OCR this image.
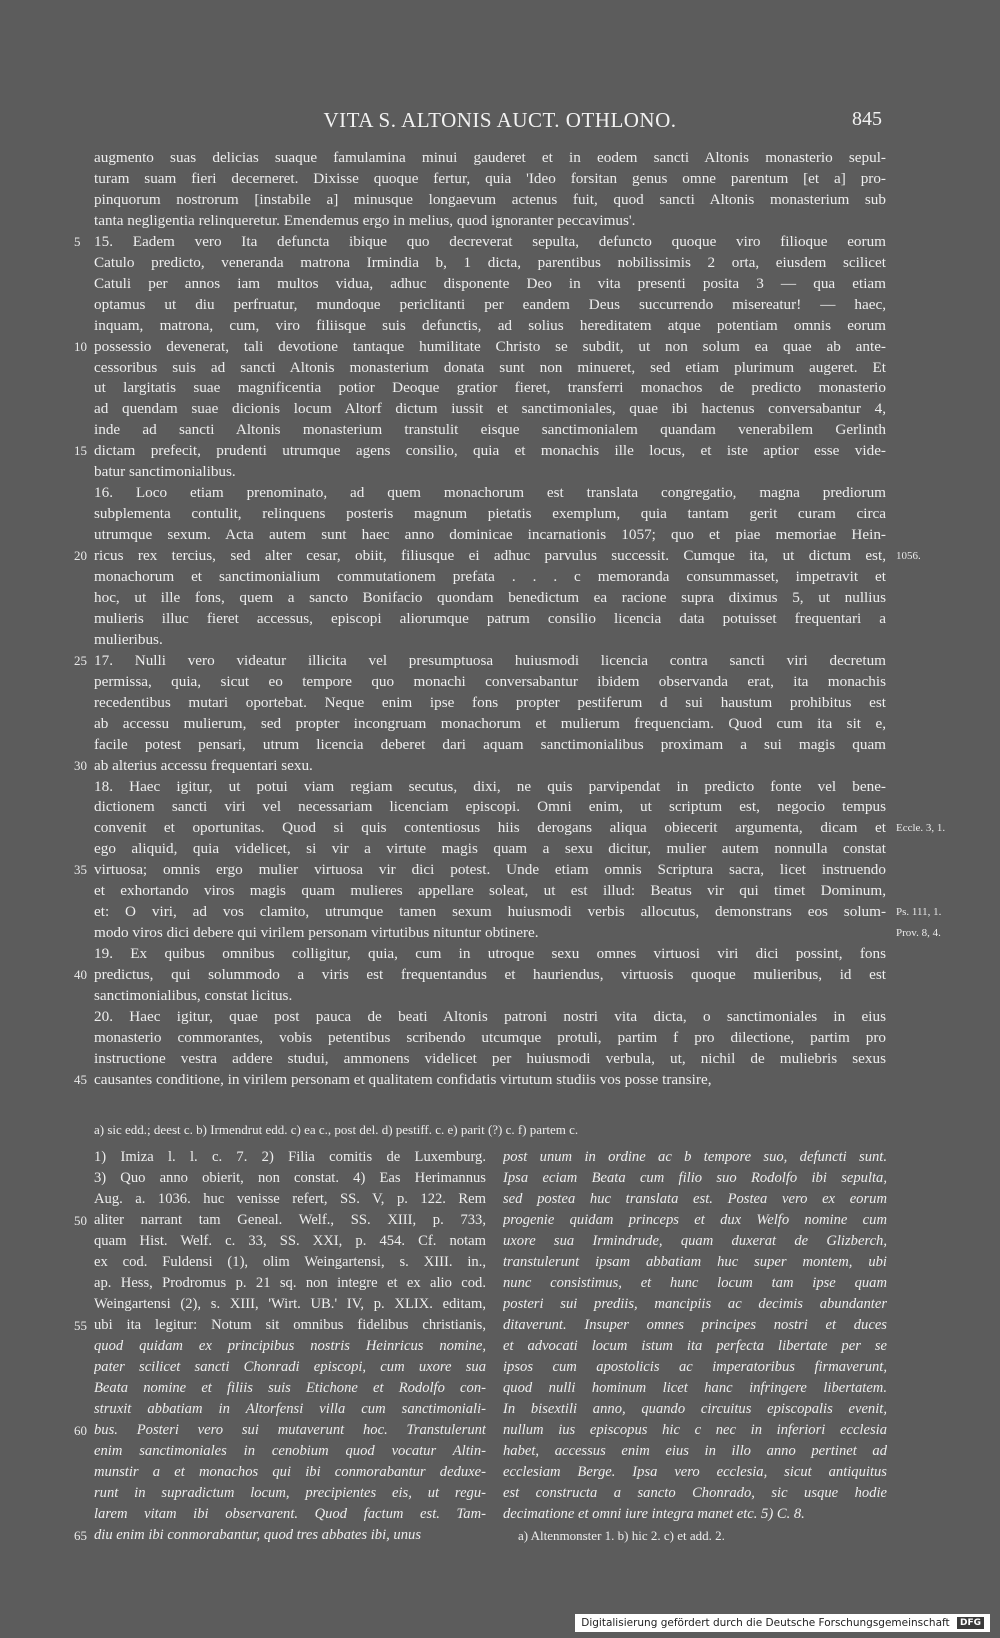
VITA S. ALTONIS AUCT. OTHLONO.	845
augmento suas delicias suaque famulamina minui gauderet et in eodem sancti Altonis monasterio sepul-
turam suam fieri decerneret. Dixisse quoque fertur, quia 'Ideo forsitan genus omne parentum [et a] pro-
pinquorum nostrorum [instabile a] minusque longaevum actenus fuit, quod sancti Altonis monasterium sub
tanta negligentia relinqueretur. Emendemus ergo in melius, quod ignoranter peccavimus'.
15. Eadem vero Ita defuncta ibique quo decreverat sepulta, defuncto quoque viro filioque eorum
5
Catulo predicto, veneranda matrona Irmindia b, 1 dicta, parentibus nobilissimis 2 orta, eiusdem scilicet
Catuli per annos iam multos vidua, adhuc disponente Deo in vita presenti posita 3 — qua etiam
optamus ut diu perfruatur, mundoque periclitanti per eandem Deus succurrendo misereatur! — haec,
inquam, matrona, cum, viro filiisque suis defunctis, ad solius hereditatem atque potentiam omnis eorum
possessio devenerat, tali devotione tantaque humilitate Christo se subdit, ut non solum ea quae ab ante-
10
cessoribus suis ad sancti Altonis monasterium donata sunt non minueret, sed etiam plurimum augeret. Et
ut largitatis suae magnificentia potior Deoque gratior fieret, transferri monachos de predicto monasterio
ad quendam suae dicionis locum Altorf dictum iussit et sanctimoniales, quae ibi hactenus conversabantur 4,
inde ad sancti Altonis monasterium transtulit eisque sanctimonialem quandam venerabilem Gerlinth
dictam prefecit, prudenti utrumque agens consilio, quia et monachis ille locus, et iste aptior esse vide-
15
batur sanctimonialibus.
16. Loco etiam prenominato, ad quem monachorum est translata congregatio, magna prediorum
subplementa contulit, relinquens posteris magnum pietatis exemplum, quia tantam gerit curam circa
utrumque sexum. Acta autem sunt haec anno dominicae incarnationis 1057; quo et piae memoriae Hein-
ricus rex tercius, sed alter cesar, obiit, filiusque ei adhuc parvulus successit. Cumque ita, ut dictum est,
20
monachorum et sanctimonialium commutationem prefata . . . c memoranda consummasset, impetravit et
hoc, ut ille fons, quem a sancto Bonifacio quondam benedictum ea racione supra diximus 5, ut nullius
mulieris illuc fieret accessus, episcopi aliorumque patrum consilio licencia data potuisset frequentari a
mulieribus.
17. Nulli vero videatur illicita vel presumptuosa huiusmodi licencia contra sancti viri decretum
25
permissa, quia, sicut eo tempore quo monachi conversabantur ibidem observanda erat, ita monachis
recedentibus mutari oportebat. Neque enim ipse fons propter pestiferum d sui haustum prohibitus est
ab accessu mulierum, sed propter incongruam monachorum et mulierum frequenciam. Quod cum ita sit e,
facile potest pensari, utrum licencia deberet dari aquam sanctimonialibus proximam a sui magis quam
ab alterius accessu frequentari sexu.
30
18. Haec igitur, ut potui viam regiam secutus, dixi, ne quis parvipendat in predicto fonte vel bene-
dictionem sancti viri vel necessariam licenciam episcopi. Omni enim, ut scriptum est, negocio tempus
convenit et oportunitas. Quod si quis contentiosus hiis derogans aliqua obiecerit argumenta, dicam et
ego aliquid, quia videlicet, si vir a virtute magis quam a sexu dicitur, mulier autem nonnulla constat
virtuosa; omnis ergo mulier virtuosa vir dici potest. Unde etiam omnis Scriptura sacra, licet instruendo
35
et exhortando viros magis quam mulieres appellare soleat, ut est illud: Beatus vir qui timet Dominum,
et: O viri, ad vos clamito, utrumque tamen sexum huiusmodi verbis allocutus, demonstrans eos solum-
modo viros dici debere qui virilem personam virtutibus nituntur obtinere.
19. Ex quibus omnibus colligitur, quia, cum in utroque sexu omnes virtuosi viri dici possint, fons
predictus, qui solummodo a viris est frequentandus et hauriendus, virtuosis quoque mulieribus, id est
40
sanctimonialibus, constat licitus.
20. Haec igitur, quae post pauca de beati Altonis patroni nostri vita dicta, o sanctimoniales in eius
monasterio commorantes, vobis petentibus scribendo utcumque protuli, partim f pro dilectione, partim pro
instructione vestra addere studui, ammonens videlicet per huiusmodi verbula, ut, nichil de muliebris sexus
causantes conditione, in virilem personam et qualitatem confidatis virtutum studiis vos posse transire,
45
1056.
Eccle. 3, 1.
Ps. 111, 1.
Prov. 8, 4.
a) sic edd.; deest c. b) Irmendrut edd. c) ea c., post del. d) pestiff. c. e) parit (?) c. f) partem c.
1) Imiza l. l. c. 7. 2) Filia comitis de Luxemburg.
3) Quo anno obierit, non constat. 4) Eas Herimannus
Aug. a. 1036. huc venisse refert, SS. V, p. 122. Rem
aliter narrant tam Geneal. Welf., SS. XIII, p. 733,
quam Hist. Welf. c. 33, SS. XXI, p. 454. Cf. notam
ex cod. Fuldensi (1), olim Weingartensi, s. XIII. in.,
ap. Hess, Prodromus p. 21 sq. non integre et ex alio cod.
Weingartensi (2), s. XIII, 'Wirt. UB.' IV, p. XLIX. editam,
ubi ita legitur: Notum sit omnibus fidelibus christianis,
quod quidam ex principibus nostris Heinricus nomine,
pater scilicet sancti Chonradi episcopi, cum uxore sua
Beata nomine et filiis suis Etichone et Rodolfo con-
struxit abbatiam in Altorfensi villa cum sanctimoniali-
bus. Posteri vero sui mutaverunt hoc. Transtulerunt
enim sanctimoniales in cenobium quod vocatur Altin-
munstir a et monachos qui ibi conmorabantur deduxe-
runt in supradictum locum, precipientes eis, ut regu-
larem vitam ibi observarent. Quod factum est. Tam-
diu enim ibi conmorabantur, quod tres abbates ibi, unus
50
55
60
65
post unum in ordine ac b tempore suo, defuncti sunt.
Ipsa eciam Beata cum filio suo Rodolfo ibi sepulta,
sed postea huc translata est. Postea vero ex eorum
progenie quidam princeps et dux Welfo nomine cum
uxore sua Irmindrude, quam duxerat de Glizberch,
transtulerunt ipsam abbatiam huc super montem, ubi
nunc consistimus, et hunc locum tam ipse quam
posteri sui prediis, mancipiis ac decimis abundanter
ditaverunt. Insuper omnes principes nostri et duces
et advocati locum istum ita perfecta libertate per se
ipsos cum apostolicis ac imperatoribus firmaverunt,
quod nulli hominum licet hanc infringere libertatem.
In bisextili anno, quando circuitus episcopalis evenit,
nullum ius episcopus hic c nec in inferiori ecclesia
habet, accessus enim eius in illo anno pertinet ad
ecclesiam Berge. Ipsa vero ecclesia, sicut antiquitus
est constructa a sancto Chonrado, sic usque hodie
decimatione et omni iure integra manet etc. 5) C. 8.
a) Altenmonster 1. b) hic 2. c) et add. 2.
Digitalisierung gefördert durch die Deutsche Forschungsgemeinschaft DFG
